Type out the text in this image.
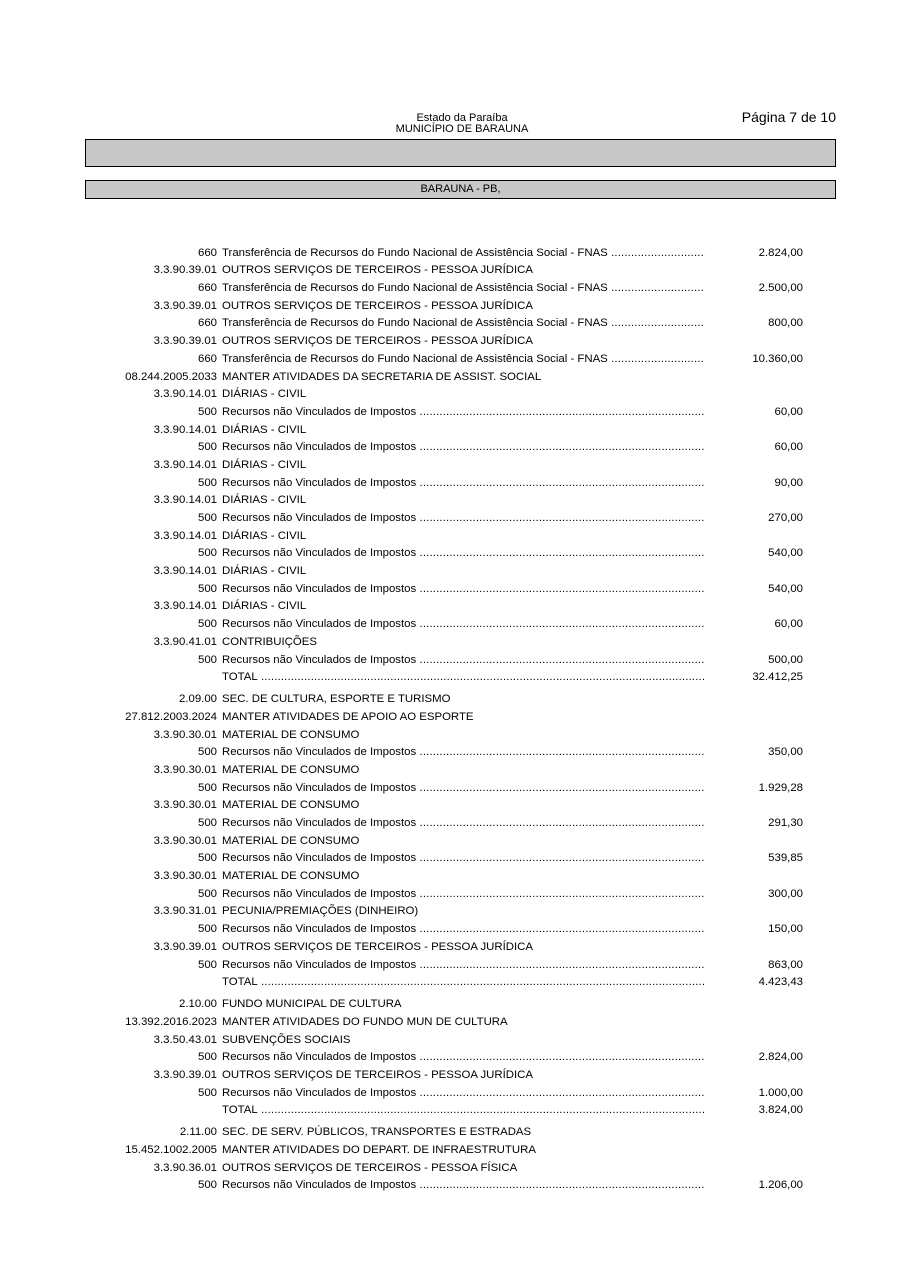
Estado da Paraíba
MUNICÍPIO DE BARAUNA
Página 7 de 10
BARAUNA - PB,
660 Transferência de Recursos do Fundo Nacional de Assistência Social - FNAS .....	2.824,00
3.3.90.39.01 OUTROS SERVIÇOS DE TERCEIROS - PESSOA JURÍDICA
660 Transferência de Recursos do Fundo Nacional de Assistência Social - FNAS .....	2.500,00
3.3.90.39.01 OUTROS SERVIÇOS DE TERCEIROS - PESSOA JURÍDICA
660 Transferência de Recursos do Fundo Nacional de Assistência Social - FNAS .....	800,00
3.3.90.39.01 OUTROS SERVIÇOS DE TERCEIROS - PESSOA JURÍDICA
660 Transferência de Recursos do Fundo Nacional de Assistência Social - FNAS .....	10.360,00
08.244.2005.2033 MANTER ATIVIDADES DA SECRETARIA DE ASSIST. SOCIAL
3.3.90.14.01 DIÁRIAS - CIVIL
500 Recursos não Vinculados de Impostos .....	60,00
3.3.90.14.01 DIÁRIAS - CIVIL
500 Recursos não Vinculados de Impostos .....	60,00
3.3.90.14.01 DIÁRIAS - CIVIL
500 Recursos não Vinculados de Impostos .....	90,00
3.3.90.14.01 DIÁRIAS - CIVIL
500 Recursos não Vinculados de Impostos .....	270,00
3.3.90.14.01 DIÁRIAS - CIVIL
500 Recursos não Vinculados de Impostos .....	540,00
3.3.90.14.01 DIÁRIAS - CIVIL
500 Recursos não Vinculados de Impostos .....	540,00
3.3.90.14.01 DIÁRIAS - CIVIL
500 Recursos não Vinculados de Impostos .....	60,00
3.3.90.41.01 CONTRIBUIÇÕES
500 Recursos não Vinculados de Impostos .....	500,00
TOTAL .....	32.412,25
2.09.00 SEC. DE CULTURA, ESPORTE E TURISMO
27.812.2003.2024 MANTER ATIVIDADES DE APOIO AO ESPORTE
3.3.90.30.01 MATERIAL DE CONSUMO
500 Recursos não Vinculados de Impostos .....	350,00
3.3.90.30.01 MATERIAL DE CONSUMO
500 Recursos não Vinculados de Impostos .....	1.929,28
3.3.90.30.01 MATERIAL DE CONSUMO
500 Recursos não Vinculados de Impostos .....	291,30
3.3.90.30.01 MATERIAL DE CONSUMO
500 Recursos não Vinculados de Impostos .....	539,85
3.3.90.30.01 MATERIAL DE CONSUMO
500 Recursos não Vinculados de Impostos .....	300,00
3.3.90.31.01 PECUNIA/PREMIAÇÕES (DINHEIRO)
500 Recursos não Vinculados de Impostos .....	150,00
3.3.90.39.01 OUTROS SERVIÇOS DE TERCEIROS - PESSOA JURÍDICA
500 Recursos não Vinculados de Impostos .....	863,00
TOTAL .....	4.423,43
2.10.00 FUNDO MUNICIPAL DE CULTURA
13.392.2016.2023 MANTER ATIVIDADES DO FUNDO MUN DE CULTURA
3.3.50.43.01 SUBVENÇÕES SOCIAIS
500 Recursos não Vinculados de Impostos .....	2.824,00
3.3.90.39.01 OUTROS SERVIÇOS DE TERCEIROS - PESSOA JURÍDICA
500 Recursos não Vinculados de Impostos .....	1.000,00
TOTAL .....	3.824,00
2.11.00 SEC. DE SERV. PÚBLICOS, TRANSPORTES E ESTRADAS
15.452.1002.2005 MANTER ATIVIDADES DO DEPART. DE INFRAESTRUTURA
3.3.90.36.01 OUTROS SERVIÇOS DE TERCEIROS - PESSOA FÍSICA
500 Recursos não Vinculados de Impostos .....	1.206,00
